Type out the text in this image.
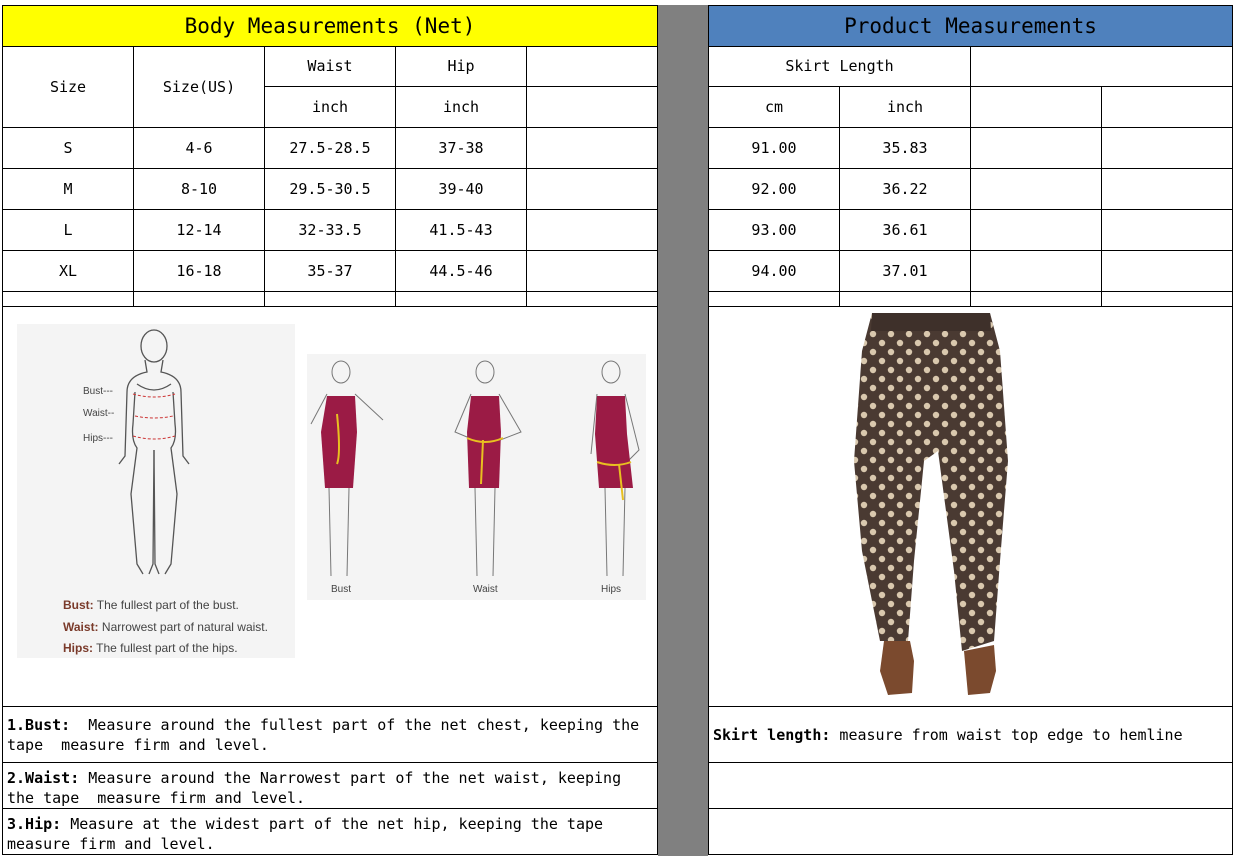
Body Measurements (Net)
Size	Size(US)
Waist	Hip
inch	inch
S	4-6	27.5-28.5	37-38
M	8-10	29.5-30.5	39-40
L	12-14	32-33.5	41.5-43
XL	16-18	35-37	44.5-46
Bust---
Waist--
Hips---
Bust: The fullest part of the bust.
Waist: Narrowest part of natural waist.
Hips: The fullest part of the hips.
Bust	Waist	Hips
1.Bust:  Measure around the fullest part of the net chest, keeping the tape  measure firm and level.
2.Waist: Measure around the Narrowest part of the net waist, keeping the tape  measure firm and level.
3.Hip: Measure at the widest part of the net hip, keeping the tape measure firm and level.
Product Measurements
Skirt Length
cm	inch
91.00	35.83
92.00	36.22
93.00	36.61
94.00	37.01
Skirt length: measure from waist top edge to hemline
